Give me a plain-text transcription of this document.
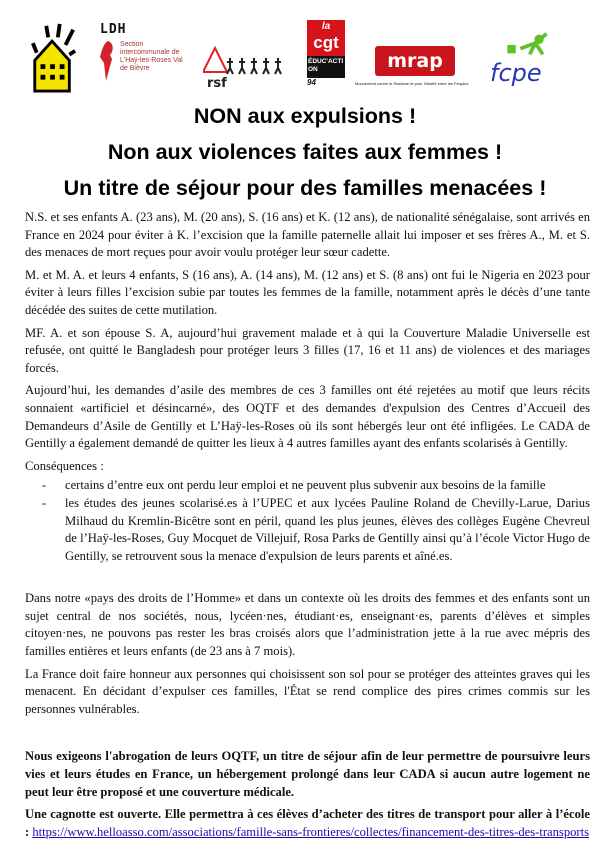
LDH
Section intercommunale de L'Haÿ-les-Roses Val de Bièvre
rsf
la
cgt
ÉDUC'ACTION
94
mrap
Mouvement contre le Racisme et pour l'Amitié entre les Peuples fcpe
NON aux expulsions !
Non aux violences faites aux femmes !
Un titre de séjour pour des familles menacées !

N.S. et ses enfants A. (23 ans), M. (20 ans), S. (16 ans) et K. (12 ans), de nationalité sénégalaise, sont arrivés en France en 2024 pour éviter à K. l’excision que la famille paternelle allait lui imposer et ses frères A., M. et S. des menaces de mort reçues pour avoir voulu protéger leur sœur cadette.

M. et M. A. et leurs 4 enfants, S (16 ans), A. (14 ans), M. (12 ans) et S. (8 ans) ont fui le Nigeria en 2023 pour éviter à leurs filles l’excision subie par toutes les femmes de la famille, notamment après le décès d’une tante décédée des suites de cette mutilation.

MF. A. et son épouse S. A, aujourd’hui gravement malade et à qui la Couverture Maladie Universelle est refusée, ont quitté le Bangladesh pour protéger leurs 3 filles (17, 16 et 11 ans) de violences et des mariages forcés.

Aujourd’hui, les demandes d’asile des membres de ces 3 familles ont été rejetées au motif que leurs récits sonnaient «artificiel et désincarné», des OQTF et des demandes d'expulsion des Centres d’Accueil des Demandeurs d’Asile de Gentilly et L’Haÿ-les-Roses où ils sont hébergés leur ont été infligées. Le CADA de Gentilly a également demandé de quitter les lieux à 4 autres familles ayant des enfants scolarisés à Gentilly.

Conséquences :

- certains d’entre eux ont perdu leur emploi et ne peuvent plus subvenir aux besoins de la famille
- les études des jeunes scolarisé.es à l’UPEC et aux lycées Pauline Roland de Chevilly-Larue, Darius Milhaud du Kremlin-Bicêtre sont en péril, quand les plus jeunes, élèves des collèges Eugène Chevreul de l’Haÿ-les-Roses, Guy Mocquet de Villejuif, Rosa Parks de Gentilly ainsi qu’à l’école Victor Hugo de Gentilly, se retrouvent sous la menace d'expulsion de leurs parents et aîné.es.

Dans notre «pays des droits de l’Homme» et dans un contexte où les droits des femmes et des enfants sont un sujet central de nos sociétés, nous, lycéen·nes, étudiant·es, enseignant·es, parents d’élèves et simples citoyen·nes, ne pouvons pas rester les bras croisés alors que l’administration jette à la rue avec mépris des familles entières et leurs enfants (de 23 ans à 7 mois).

La France doit faire honneur aux personnes qui choisissent son sol pour se protéger des atteintes graves qui les menacent. En décidant d’expulser ces familles, l'État se rend complice des pires crimes commis sur les personnes vulnérables.

Nous exigeons l'abrogation de leurs OQTF, un titre de séjour afin de leur permettre de poursuivre leurs vies et leurs études en France, un hébergement prolongé dans leur CADA si aucun autre logement ne peut leur être proposé et une couverture médicale.

Une cagnotte est ouverte. Elle permettra à ces élèves d’acheter des titres de transport pour aller à l’école : https://www.helloasso.com/associations/famille-sans-frontieres/collectes/financement-des-titres-des-transports
